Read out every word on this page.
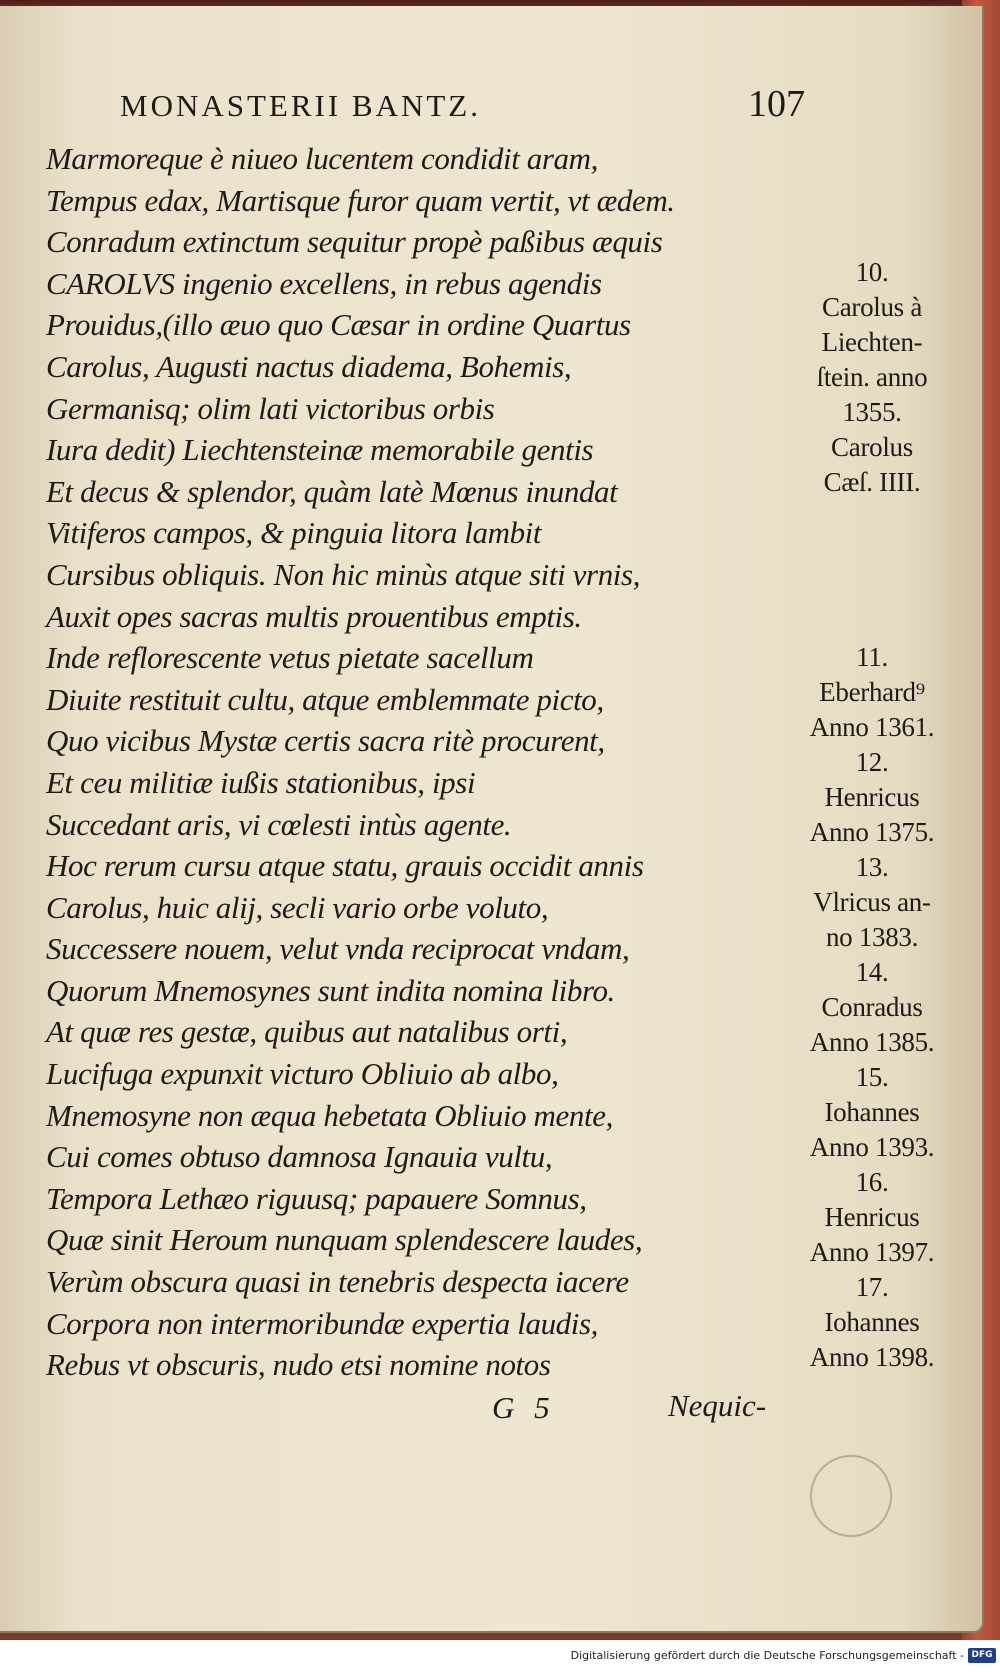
MONASTERII BANTZ.	107
Marmoreque è niueo lucentem condidit aram,
Tempus edax, Martisque furor quam vertit, vt ædem.
Conradum extinctum sequitur propè paßibus æquis
CAROLVS ingenio excellens, in rebus agendis
Prouidus,(illo æuo quo Cæsar in ordine Quartus
Carolus, Augusti nactus diadema, Bohemis,
Germanisq; olim lati victoribus orbis
Iura dedit) Liechtensteinæ memorabile gentis
Et decus & splendor, quàm latè Mœnus inundat
Vitiferos campos, & pinguia litora lambit
Cursibus obliquis. Non hic minùs atque siti vrnis,
Auxit opes sacras multis prouentibus emptis.
Inde reflorescente vetus pietate sacellum
Diuite restituit cultu, atque emblemmate picto,
Quo vicibus Mystæ certis sacra ritè procurent,
Et ceu militiæ iußis stationibus, ipsi
Succedant aris, vi cœlesti intùs agente.
Hoc rerum cursu atque statu, grauis occidit annis
Carolus, huic alij, secli vario orbe voluto,
Successere nouem, velut vnda reciprocat vndam,
Quorum Mnemosynes sunt indita nomina libro.
At quæ res gestæ, quibus aut natalibus orti,
Lucifuga expunxit victuro Obliuio ab albo,
Mnemosyne non æqua hebetata Obliuio mente,
Cui comes obtuso damnosa Ignauia vultu,
Tempora Lethæo riguusq; papauere Somnus,
Quæ sinit Heroum nunquam splendescere laudes,
Verùm obscura quasi in tenebris despecta iacere
Corpora non intermoribundæ expertia laudis,
Rebus vt obscuris, nudo etsi nomine notos
10.
Carolus à
Liechten-
ſtein. anno
1355.
Carolus
Cæſ. IIII.
11.
Eberhard⁹
Anno 1361.
12.
Henricus
Anno 1375.
13.
Vlricus an-
no 1383.
14.
Conradus
Anno 1385.
15.
Iohannes
Anno 1393.
16.
Henricus
Anno 1397.
17.
Iohannes
Anno 1398.
G 5	Nequic-
Digitalisierung gefördert durch die Deutsche Forschungsgemeinschaft - DFG
